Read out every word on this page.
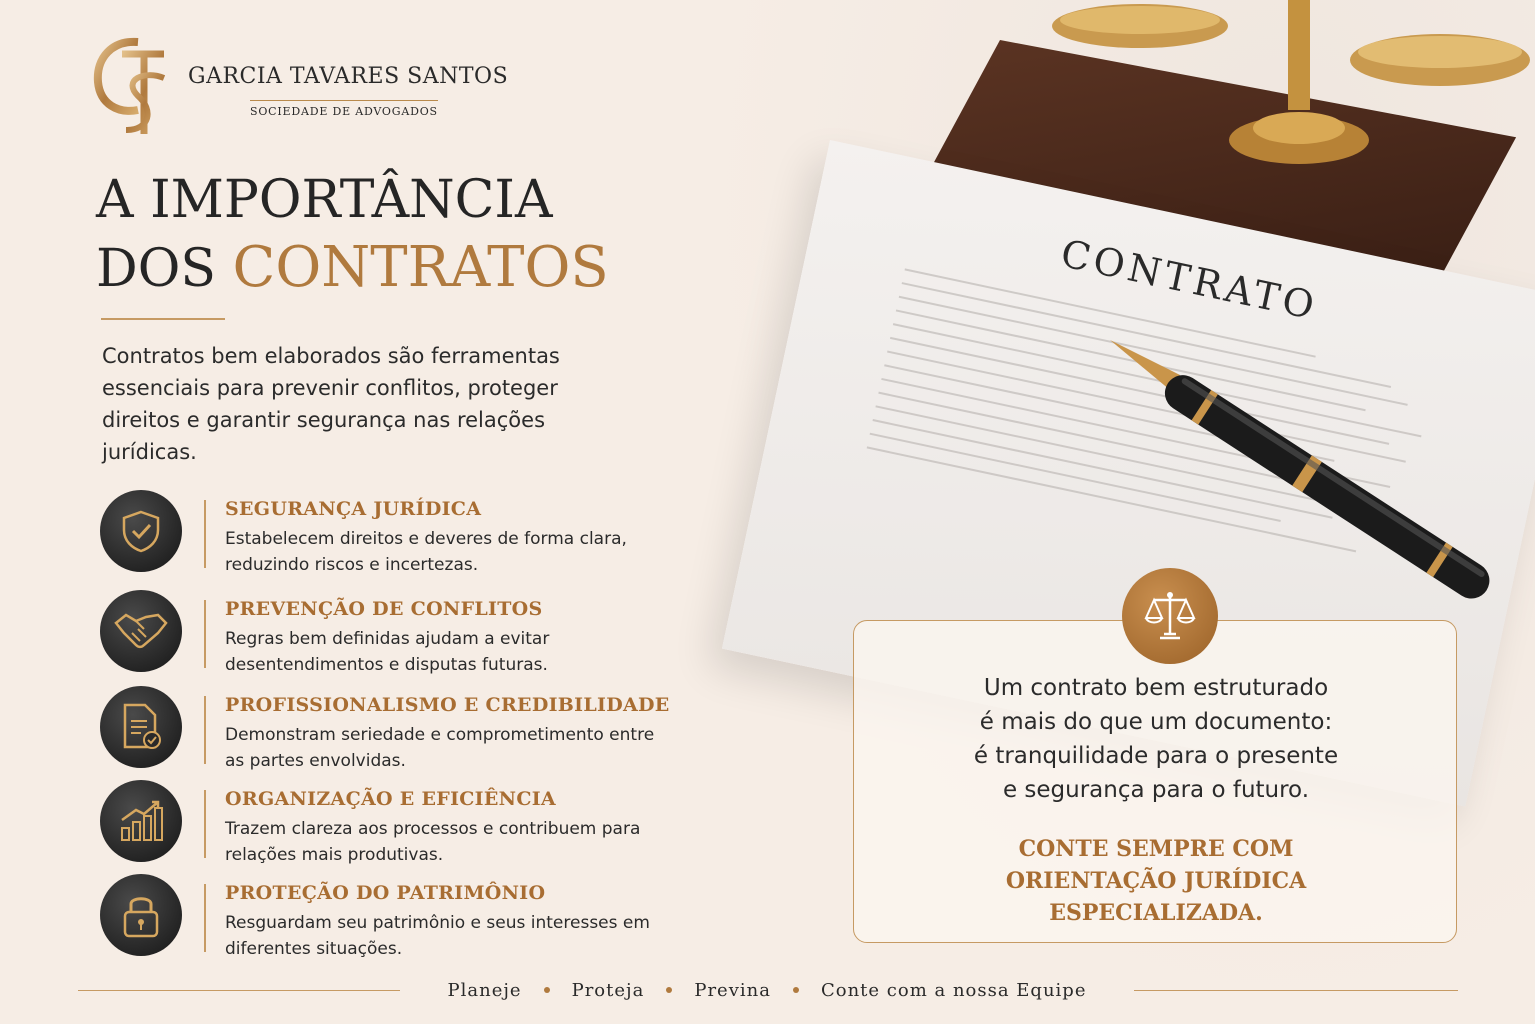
CONTRATO
GARCIA TAVARES SANTOS
SOCIEDADE DE ADVOGADOS
A IMPORTÂNCIA
DOS CONTRATOS
Contratos bem elaborados são ferramentas essenciais para prevenir conflitos, proteger direitos e garantir segurança nas relações jurídicas.
SEGURANÇA JURÍDICA
Estabelecem direitos e deveres de forma clara, reduzindo riscos e incertezas.
PREVENÇÃO DE CONFLITOS
Regras bem definidas ajudam a evitar desentendimentos e disputas futuras.
PROFISSIONALISMO E CREDIBILIDADE
Demonstram seriedade e comprometimento entre as partes envolvidas.
ORGANIZAÇÃO E EFICIÊNCIA
Trazem clareza aos processos e contribuem para relações mais produtivas.
PROTEÇÃO DO PATRIMÔNIO
Resguardam seu patrimônio e seus interesses em diferentes situações.
Um contrato bem estruturado
é mais do que um documento:
é tranquilidade para o presente
e segurança para o futuro.
CONTE SEMPRE COM
ORIENTAÇÃO JURÍDICA
ESPECIALIZADA.
Planeje	Proteja	Previna	Conte com a nossa Equipe
